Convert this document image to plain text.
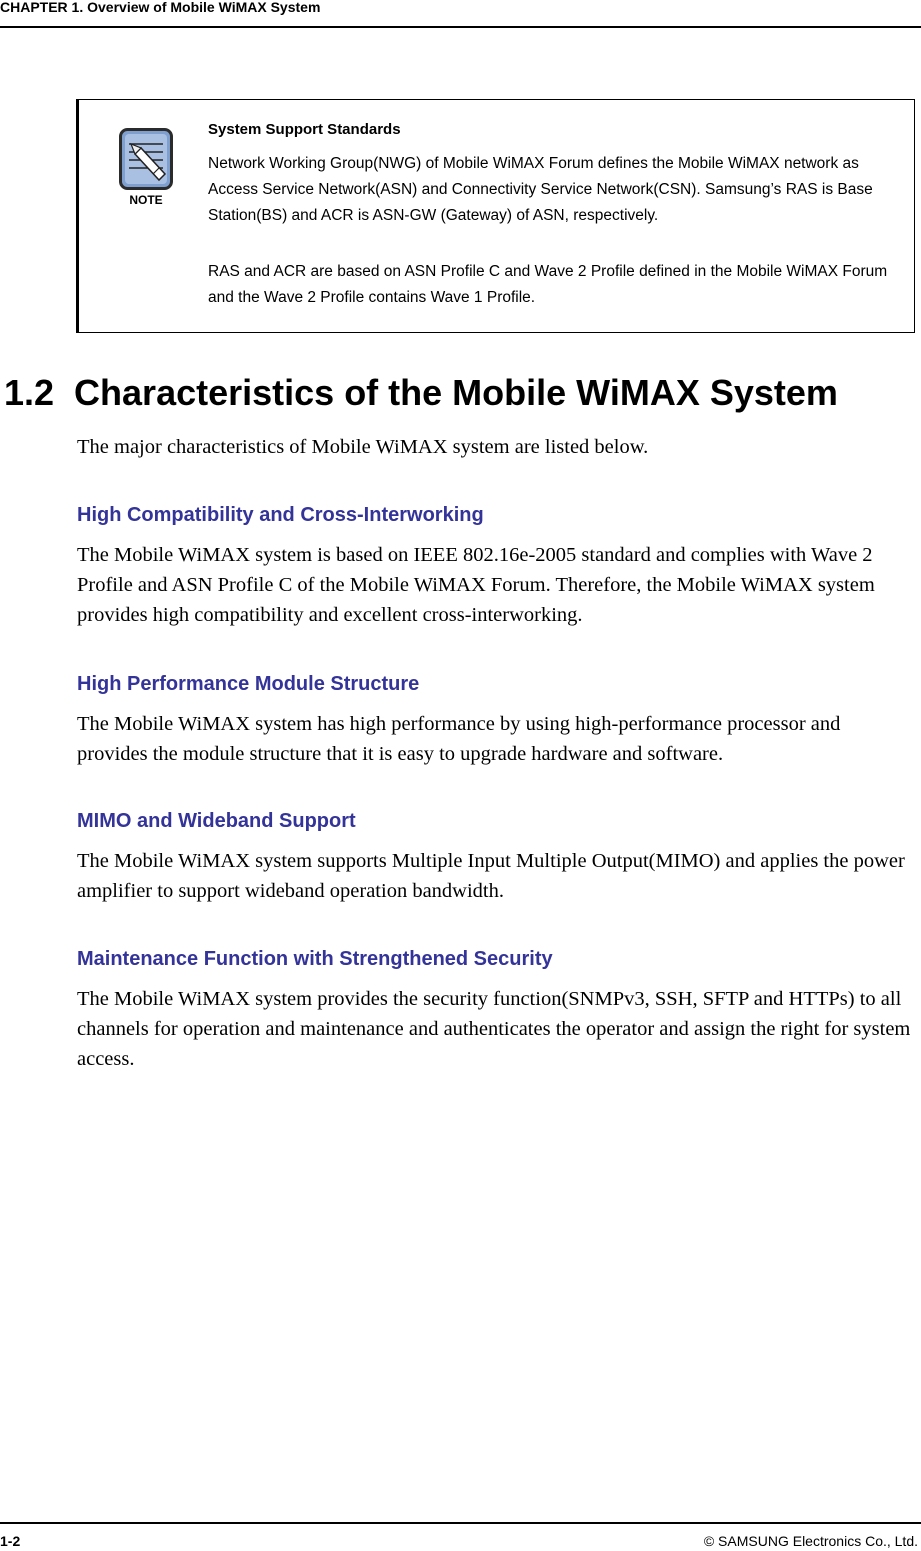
CHAPTER 1. Overview of Mobile WiMAX System
NOTE
System Support Standards

Network Working Group(NWG) of Mobile WiMAX Forum defines the Mobile WiMAX network as Access Service Network(ASN) and Connectivity Service Network(CSN). Samsung’s RAS is Base Station(BS) and ACR is ASN-GW (Gateway) of ASN, respectively.

RAS and ACR are based on ASN Profile C and Wave 2 Profile defined in the Mobile WiMAX Forum and the Wave 2 Profile contains Wave 1 Profile.

1.2 Characteristics of the Mobile WiMAX System

The major characteristics of Mobile WiMAX system are listed below.

High Compatibility and Cross-Interworking

The Mobile WiMAX system is based on IEEE 802.16e-2005 standard and complies with Wave 2 Profile and ASN Profile C of the Mobile WiMAX Forum. Therefore, the Mobile WiMAX system provides high compatibility and excellent cross-interworking.

High Performance Module Structure

The Mobile WiMAX system has high performance by using high-performance processor and provides the module structure that it is easy to upgrade hardware and software.

MIMO and Wideband Support

The Mobile WiMAX system supports Multiple Input Multiple Output(MIMO) and applies the power amplifier to support wideband operation bandwidth.

Maintenance Function with Strengthened Security

The Mobile WiMAX system provides the security function(SNMPv3, SSH, SFTP and HTTPs) to all channels for operation and maintenance and authenticates the operator and assign the right for system access.

1-2	© SAMSUNG Electronics Co., Ltd.
